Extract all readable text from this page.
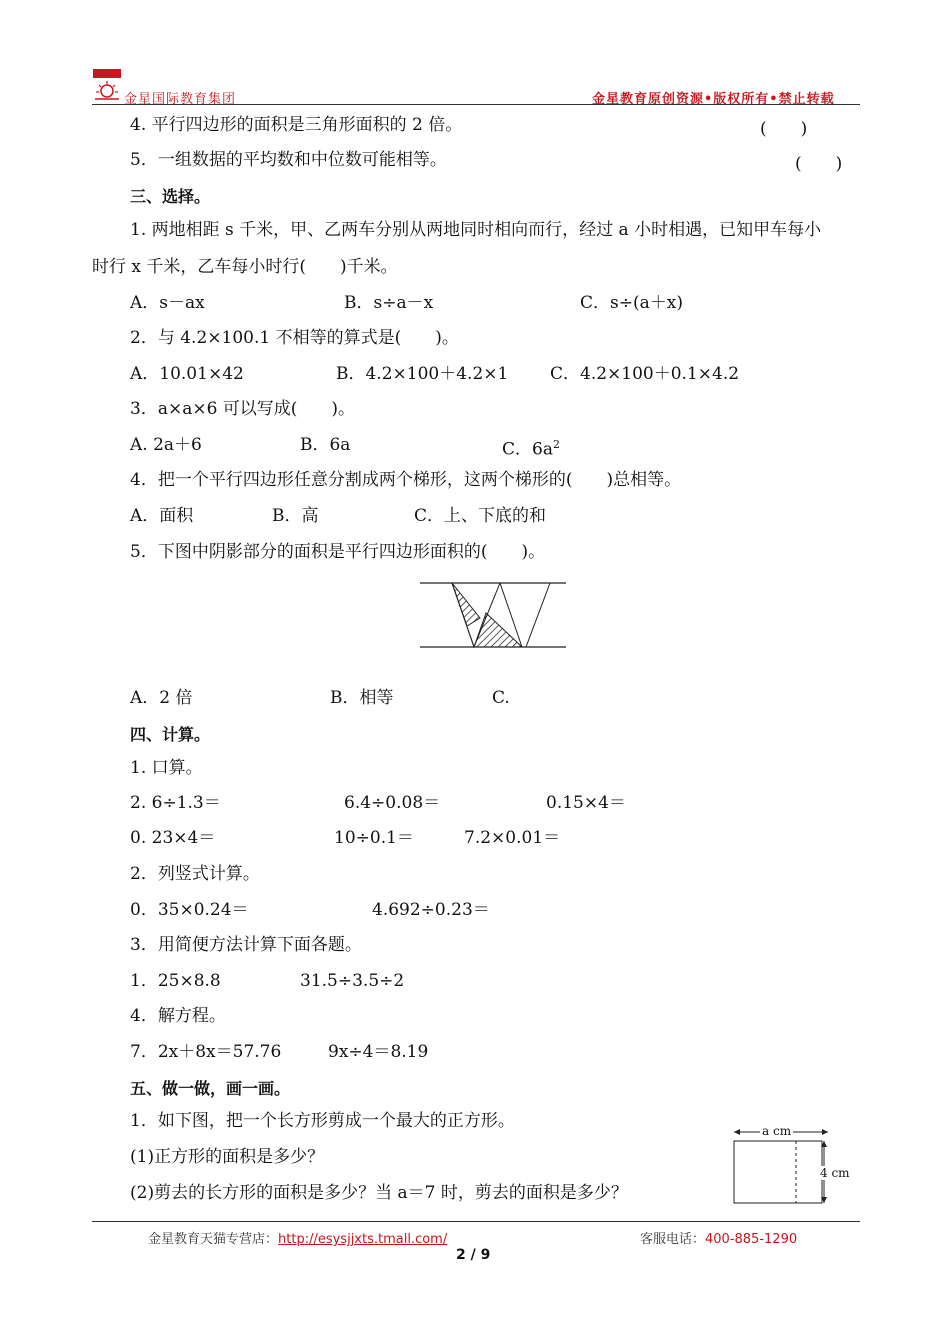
金星国际教育集团	金星教育原创资源•版权所有•禁止转载
4. 平行四边形的面积是三角形面积的 2 倍。	(　　)
5．一组数据的平均数和中位数可能相等。	(　　)
三、选择。
1. 两地相距 s 千米，甲、乙两车分别从两地同时相向而行，经过 a 小时相遇，已知甲车每小
时行 x 千米，乙车每小时行(　　)千米。
A．s－ax	B．s÷a－x	C．s÷(a＋x)
2．与 4.2×100.1 不相等的算式是(　　)。
A．10.01×42	B．4.2×100＋4.2×1 C．4.2×100＋0.1×4.2
3．a×a×6 可以写成(　　)。
A. 2a＋6	B．6a	C．$6a^2$
4．把一个平行四边形任意分割成两个梯形，这两个梯形的(　　)总相等。
A．面积	B．高	C．上、下底的和
5．下图中阴影部分的面积是平行四边形面积的(　　)。
A．2 倍	B．相等	C.
四、计算。
1. 口算。
2. 6÷1.3＝	6.4÷0.08＝	0.15×4＝
0. 23×4＝	10÷0.1＝	7.2×0.01＝
2．列竖式计算。
0．35×0.24＝	4.692÷0.23＝
3．用简便方法计算下面各题。
1．25×8.8	31.5÷3.5÷2
4．解方程。
7．2x＋8x＝57.76	9x÷4＝8.19
五、做一做，画一画。
1．如下图，把一个长方形剪成一个最大的正方形。
(1)正方形的面积是多少？
(2)剪去的长方形的面积是多少？当 a＝7 时，剪去的面积是多少？
a cm
4 cm
金星教育天猫专营店：http://esysjjxts.tmall.com/	客服电话：400-885-1290
2 / 9
